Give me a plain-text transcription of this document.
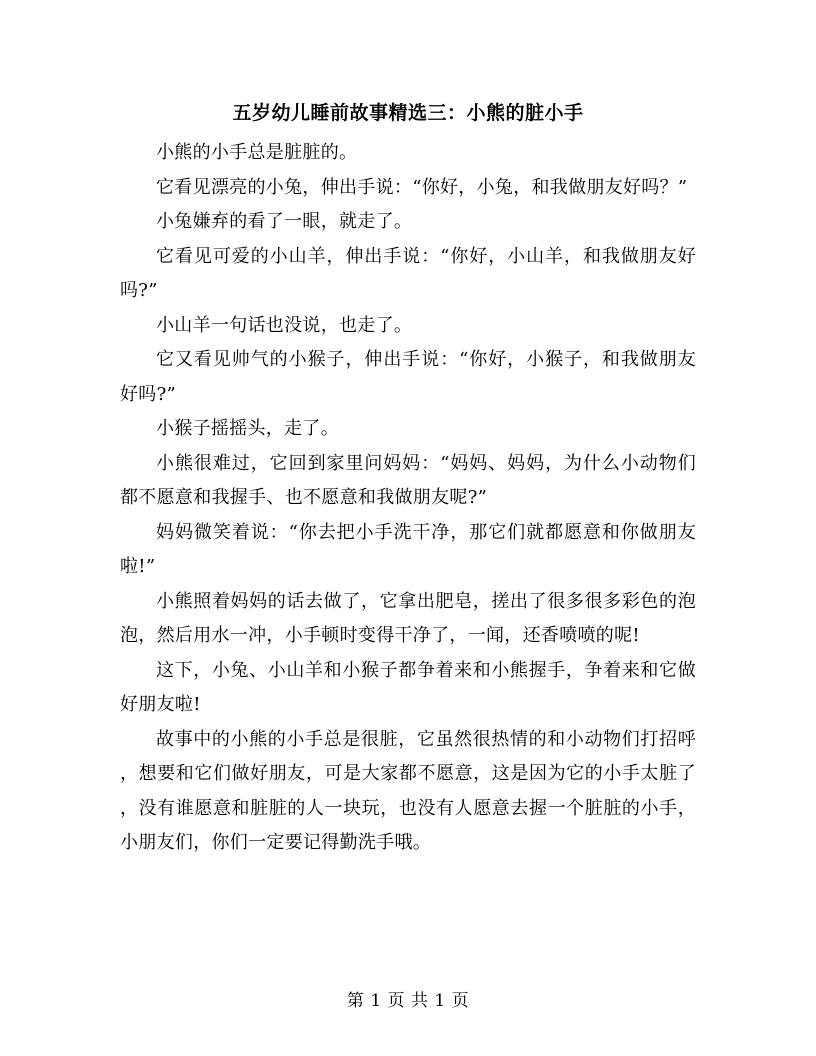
五岁幼儿睡前故事精选三：小熊的脏小手

小熊的小手总是脏脏的。

它看见漂亮的小兔，伸出手说：“你好，小兔，和我做朋友好吗？”

小兔嫌弃的看了一眼，就走了。

它看见可爱的小山羊，伸出手说：“你好，小山羊，和我做朋友好吗?”

小山羊一句话也没说，也走了。

它又看见帅气的小猴子，伸出手说：“你好，小猴子，和我做朋友好吗?”

小猴子摇摇头，走了。

小熊很难过，它回到家里问妈妈：“妈妈、妈妈，为什么小动物们都不愿意和我握手、也不愿意和我做朋友呢?”

妈妈微笑着说：“你去把小手洗干净，那它们就都愿意和你做朋友啦!”

小熊照着妈妈的话去做了，它拿出肥皂，搓出了很多很多彩色的泡泡，然后用水一冲，小手顿时变得干净了，一闻，还香喷喷的呢!

这下，小兔、小山羊和小猴子都争着来和小熊握手，争着来和它做好朋友啦!

故事中的小熊的小手总是很脏，它虽然很热情的和小动物们打招呼，想要和它们做好朋友，可是大家都不愿意，这是因为它的小手太脏了，没有谁愿意和脏脏的人一块玩，也没有人愿意去握一个脏脏的小手，小朋友们，你们一定要记得勤洗手哦。

第 1 页 共 1 页
